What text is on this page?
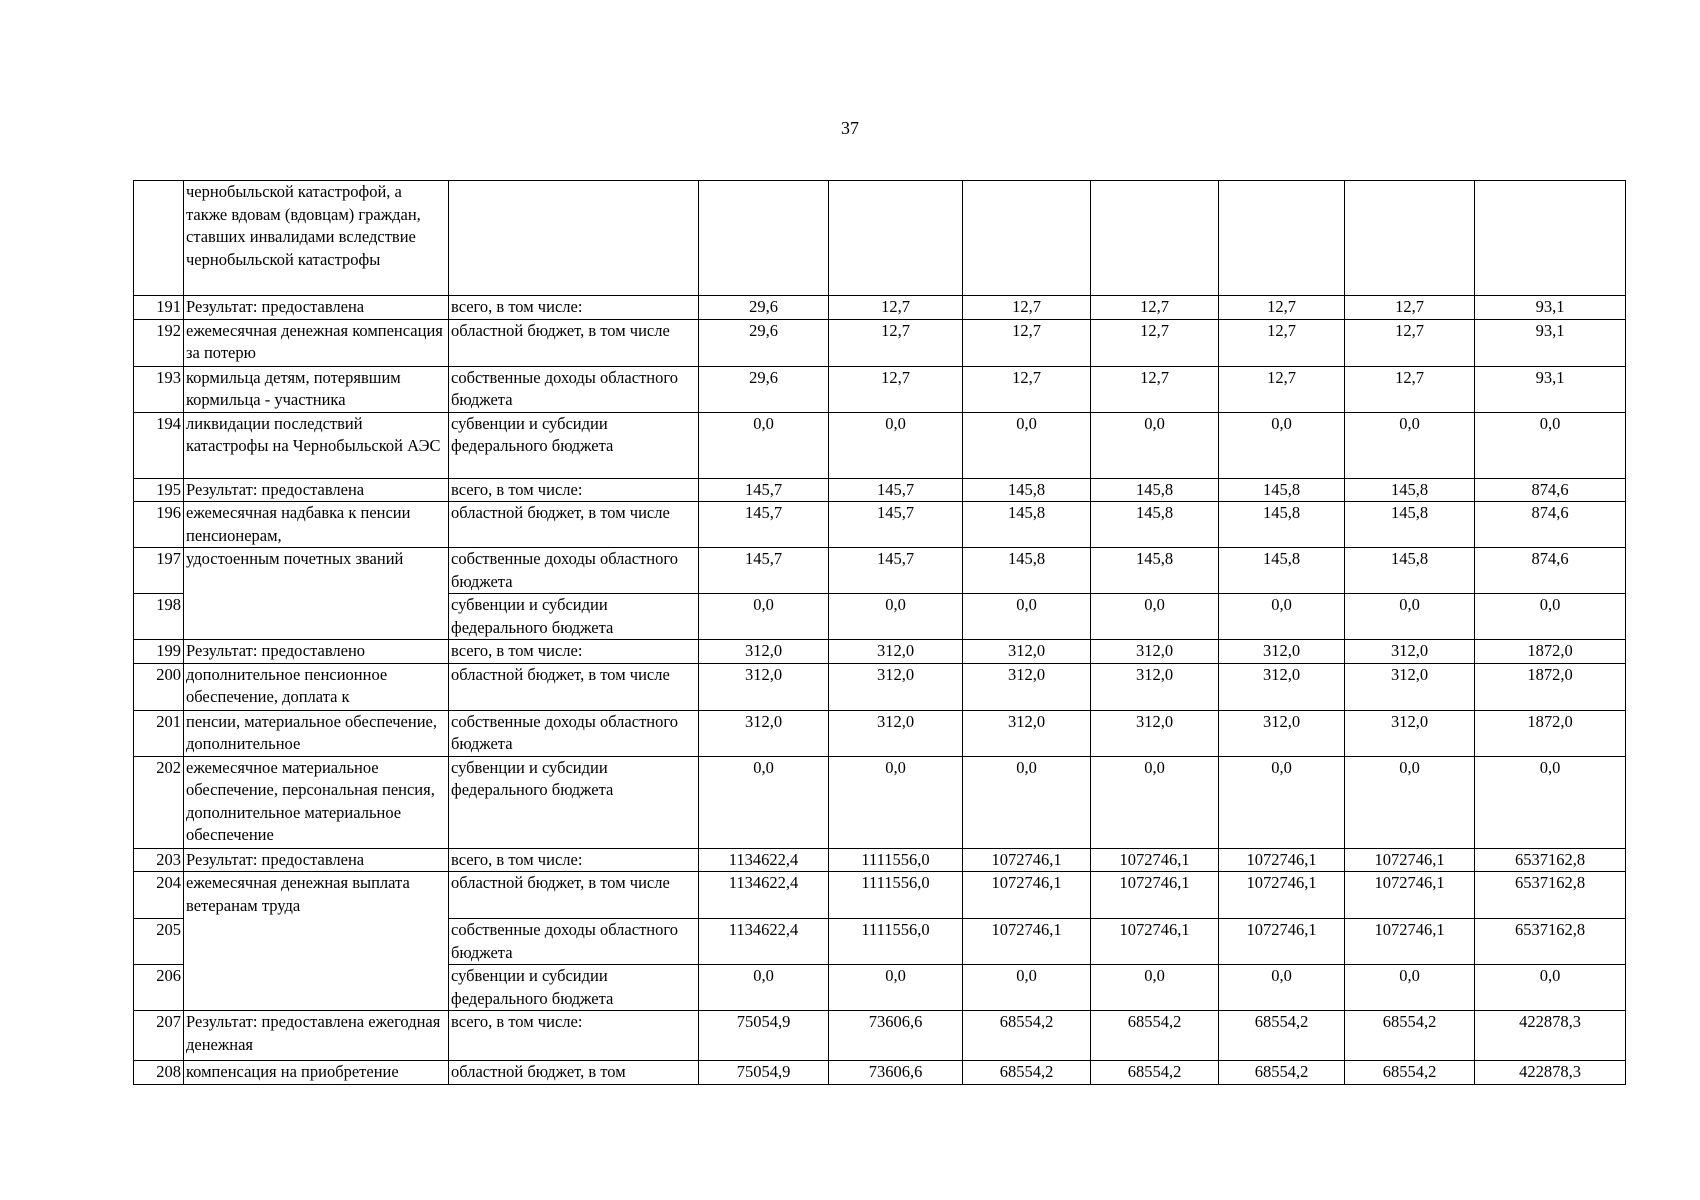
37
	чернобыльской катастрофой, а также вдовам (вдовцам) граждан, ставших инвалидами вследствие чернобыльской катастрофы								
191	Результат: предоставлена	всего, в том числе:	29,6	12,7	12,7	12,7	12,7	12,7	93,1
192	ежемесячная денежная компенсация за потерю	областной бюджет, в том числе	29,6	12,7	12,7	12,7	12,7	12,7	93,1
193	кормильца детям, потерявшим кормильца - участника	собственные доходы областного бюджета	29,6	12,7	12,7	12,7	12,7	12,7	93,1
194	ликвидации последствий катастрофы на Чернобыльской АЭС	субвенции и субсидии федерального бюджета	0,0	0,0	0,0	0,0	0,0	0,0	0,0
195	Результат: предоставлена	всего, в том числе:	145,7	145,7	145,8	145,8	145,8	145,8	874,6
196	ежемесячная надбавка к пенсии пенсионерам,	областной бюджет, в том числе	145,7	145,7	145,8	145,8	145,8	145,8	874,6
197	удостоенным почетных званий	собственные доходы областного бюджета	145,7	145,7	145,8	145,8	145,8	145,8	874,6
198		субвенции и субсидии федерального бюджета	0,0	0,0	0,0	0,0	0,0	0,0	0,0
199	Результат: предоставлено	всего, в том числе:	312,0	312,0	312,0	312,0	312,0	312,0	1872,0
200	дополнительное пенсионное обеспечение, доплата к	областной бюджет, в том числе	312,0	312,0	312,0	312,0	312,0	312,0	1872,0
201	пенсии, материальное обеспечение, дополнительное	собственные доходы областного бюджета	312,0	312,0	312,0	312,0	312,0	312,0	1872,0
202	ежемесячное материальное обеспечение, персональная пенсия, дополнительное материальное обеспечение	субвенции и субсидии федерального бюджета	0,0	0,0	0,0	0,0	0,0	0,0	0,0
203	Результат: предоставлена	всего, в том числе:	1134622,4	1111556,0	1072746,1	1072746,1	1072746,1	1072746,1	6537162,8
204	ежемесячная денежная выплата ветеранам труда	областной бюджет, в том числе	1134622,4	1111556,0	1072746,1	1072746,1	1072746,1	1072746,1	6537162,8
205		собственные доходы областного бюджета	1134622,4	1111556,0	1072746,1	1072746,1	1072746,1	1072746,1	6537162,8
206		субвенции и субсидии федерального бюджета	0,0	0,0	0,0	0,0	0,0	0,0	0,0
207	Результат: предоставлена ежегодная денежная	всего, в том числе:	75054,9	73606,6	68554,2	68554,2	68554,2	68554,2	422878,3
208	компенсация на приобретение	областной бюджет, в том	75054,9	73606,6	68554,2	68554,2	68554,2	68554,2	422878,3
